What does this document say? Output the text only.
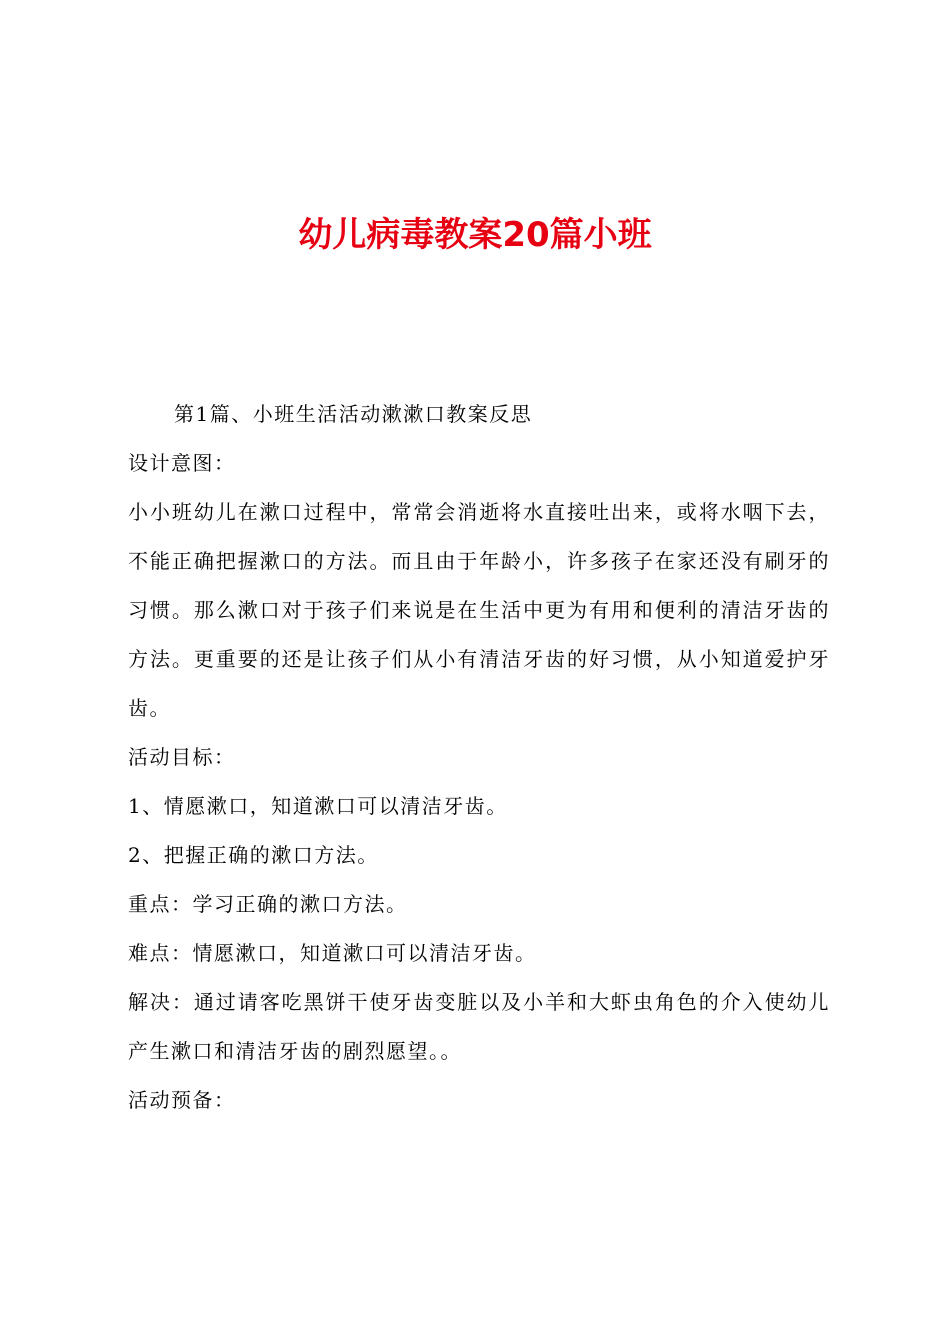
幼儿病毒教案20篇小班

第1篇、小班生活活动漱漱口教案反思

设计意图：

小小班幼儿在漱口过程中，常常会消逝将水直接吐出来，或将水咽下去，不能正确把握漱口的方法。而且由于年龄小，许多孩子在家还没有刷牙的习惯。那么漱口对于孩子们来说是在生活中更为有用和便利的清洁牙齿的方法。更重要的还是让孩子们从小有清洁牙齿的好习惯，从小知道爱护牙齿。

活动目标：

1、情愿漱口，知道漱口可以清洁牙齿。

2、把握正确的漱口方法。

重点：学习正确的漱口方法。

难点：情愿漱口，知道漱口可以清洁牙齿。

解决：通过请客吃黑饼干使牙齿变脏以及小羊和大虾虫角色的介入使幼儿产生漱口和清洁牙齿的剧烈愿望。。

活动预备：
